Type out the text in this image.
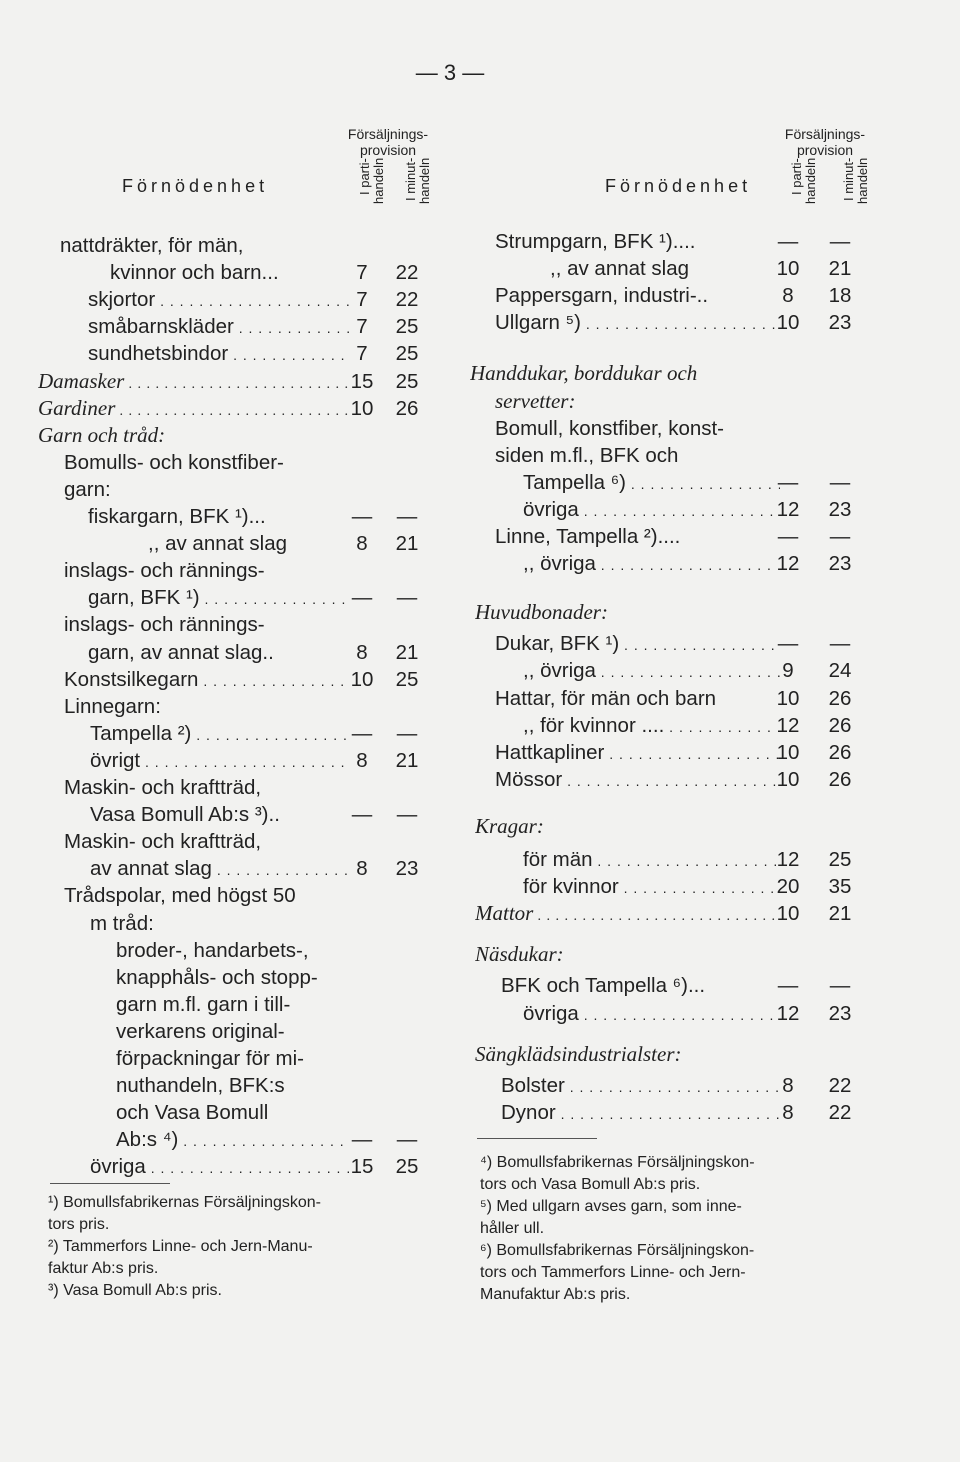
— 3 —
Försäljnings-
provision
Förnödenhet	I parti-
handeln I minut-
handeln
nattdräkter, för män,
kvinnor och barn...	7	22
skjortor . . .	7	22
småbarnskläder . . .	7	25
sundhetsbindor . . .	7	25
Damasker . . .	15	25
Gardiner . . .	10	26
Garn och tråd:
Bomulls- och konstfiber-
garn:
fiskargarn, BFK ¹)...	—	—
,, av annat slag	8	21
inslags- och rännings-
garn, BFK ¹) . . .	—	—
inslags- och rännings-
garn, av annat slag..	8	21
Konstsilkegarn . . .	10	25
Linnegarn:
Tampella ²) . . .	—	—
övrigt . . .	8	21
Maskin- och kraftträd,
Vasa Bomull Ab:s ³)..	—	—
Maskin- och kraftträd,
av annat slag . . .	8	23
Trådspolar, med högst 50
m tråd:
broder-, handarbets-,
knapphåls- och stopp-
garn m.fl. garn i till-
verkarens original-
förpackningar för mi-
nuthandeln, BFK:s
och Vasa Bomull
Ab:s ⁴) . . .	—	—
övriga . . .	15	25
¹) Bomullsfabrikernas Försäljningskon-
tors pris.
²) Tammerfors Linne- och Jern-Manu-
faktur Ab:s pris.
³) Vasa Bomull Ab:s pris.
Försäljnings-
provision
Förnödenhet	I parti-
handeln I minut-
handeln
Strumpgarn, BFK ¹)....	—	—
,, av annat slag	10	21
Pappersgarn, industri-..	8	18
Ullgarn ⁵) . . .	10	23
Handdukar, borddukar och
servetter:
Bomull, konstfiber, konst-
siden m.fl., BFK och
Tampella ⁶) . . .	—	—
övriga . . .	12	23
Linne, Tampella ²)....	—	—
,, övriga . . .	12	23
Huvudbonader:
Dukar, BFK ¹) . . .	—	—
,, övriga . . .	9	24
Hattar, för män och barn	10	26
,, för kvinnor .... . . .	12	26
Hattkapliner . . .	10	26
Mössor . . .	10	26
Kragar:
för män . . .	12	25
för kvinnor . . .	20	35
Mattor . . .	10	21
Näsdukar:
BFK och Tampella ⁶)...	—	—
övriga . . .	12	23
Sängklädsindustrialster:
Bolster . . .	8	22
Dynor . . .	8	22
⁴) Bomullsfabrikernas Försäljningskon-
tors och Vasa Bomull Ab:s pris.
⁵) Med ullgarn avses garn, som inne-
håller ull.
⁶) Bomullsfabrikernas Försäljningskon-
tors och Tammerfors Linne- och Jern-
Manufaktur Ab:s pris.
